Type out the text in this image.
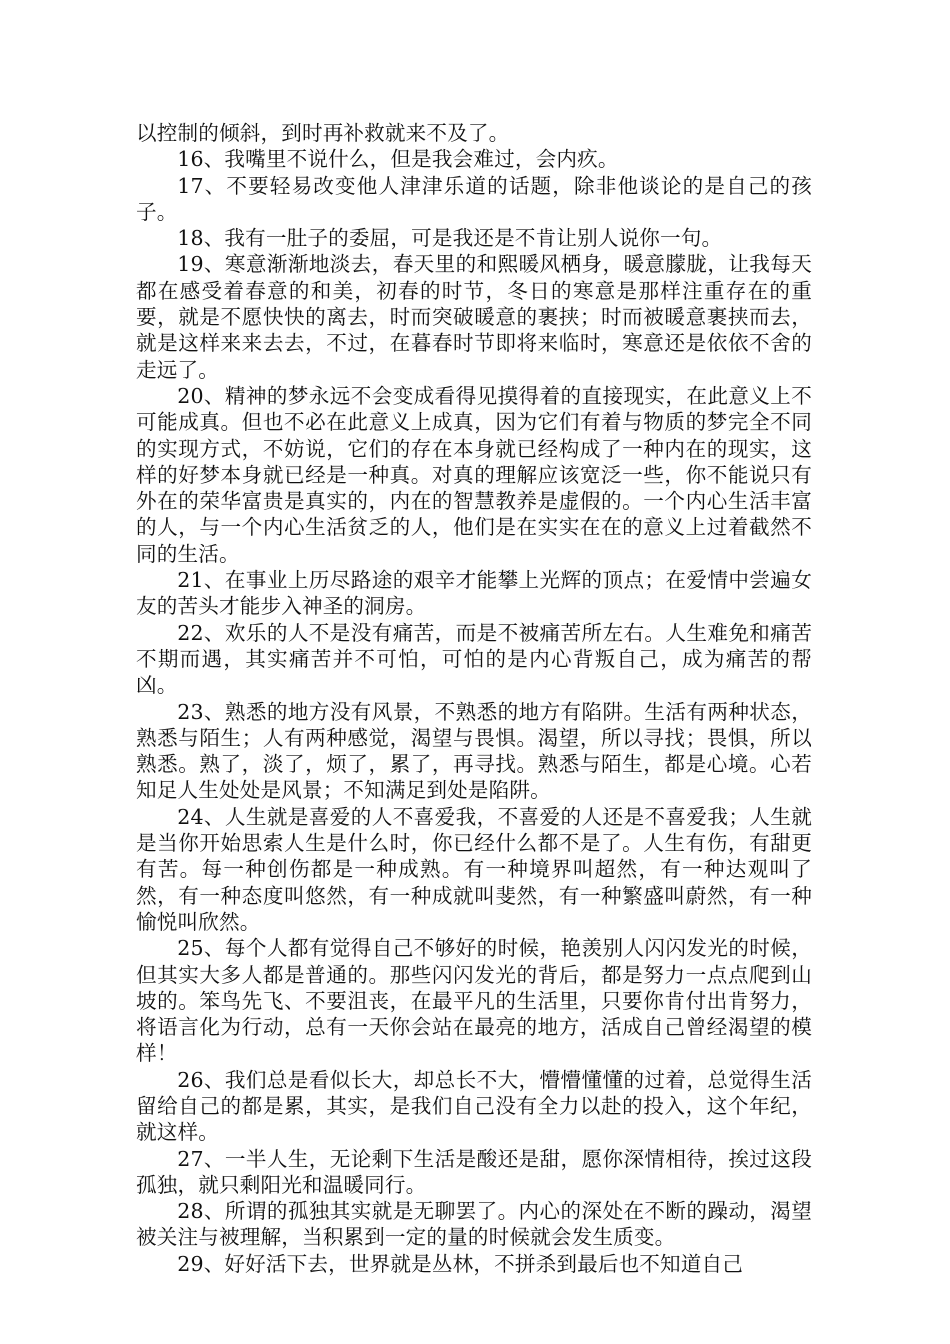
以控制的倾斜，到时再补救就来不及了。

16、我嘴里不说什么，但是我会难过，会内疚。

17、不要轻易改变他人津津乐道的话题，除非他谈论的是自己的孩子。

18、我有一肚子的委屈，可是我还是不肯让别人说你一句。

19、寒意渐渐地淡去，春天里的和熙暖风栖身，暖意朦胧，让我每天都在感受着春意的和美，初春的时节，冬日的寒意是那样注重存在的重要，就是不愿快快的离去，时而突破暖意的裹挟；时而被暖意裹挟而去，就是这样来来去去，不过，在暮春时节即将来临时，寒意还是依依不舍的走远了。

20、精神的梦永远不会变成看得见摸得着的直接现实，在此意义上不可能成真。但也不必在此意义上成真，因为它们有着与物质的梦完全不同的实现方式，不妨说，它们的存在本身就已经构成了一种内在的现实，这样的好梦本身就已经是一种真。对真的理解应该宽泛一些，你不能说只有外在的荣华富贵是真实的，内在的智慧教养是虚假的。一个内心生活丰富的人，与一个内心生活贫乏的人，他们是在实实在在的意义上过着截然不同的生活。

21、在事业上历尽路途的艰辛才能攀上光辉的顶点；在爱情中尝遍女友的苦头才能步入神圣的洞房。

22、欢乐的人不是没有痛苦，而是不被痛苦所左右。人生难免和痛苦不期而遇，其实痛苦并不可怕，可怕的是内心背叛自己，成为痛苦的帮凶。

23、熟悉的地方没有风景，不熟悉的地方有陷阱。生活有两种状态，熟悉与陌生；人有两种感觉，渴望与畏惧。渴望，所以寻找；畏惧，所以熟悉。熟了，淡了，烦了，累了，再寻找。熟悉与陌生，都是心境。心若知足人生处处是风景；不知满足到处是陷阱。

24、人生就是喜爱的人不喜爱我，不喜爱的人还是不喜爱我；人生就是当你开始思索人生是什么时，你已经什么都不是了。人生有伤，有甜更有苦。每一种创伤都是一种成熟。有一种境界叫超然，有一种达观叫了然，有一种态度叫悠然，有一种成就叫斐然，有一种繁盛叫蔚然，有一种愉悦叫欣然。

25、每个人都有觉得自己不够好的时候，艳羡别人闪闪发光的时候，但其实大多人都是普通的。那些闪闪发光的背后，都是努力一点点爬到山坡的。笨鸟先飞、不要沮丧，在最平凡的生活里，只要你肯付出肯努力，将语言化为行动，总有一天你会站在最亮的地方，活成自己曾经渴望的模样！

26、我们总是看似长大，却总长不大，懵懵懂懂的过着，总觉得生活留给自己的都是累，其实，是我们自己没有全力以赴的投入，这个年纪，就这样。

27、一半人生，无论剩下生活是酸还是甜，愿你深情相待，挨过这段孤独，就只剩阳光和温暖同行。

28、所谓的孤独其实就是无聊罢了。内心的深处在不断的躁动，渴望被关注与被理解，当积累到一定的量的时候就会发生质变。

29、好好活下去，世界就是丛林，不拼杀到最后也不知道自己
